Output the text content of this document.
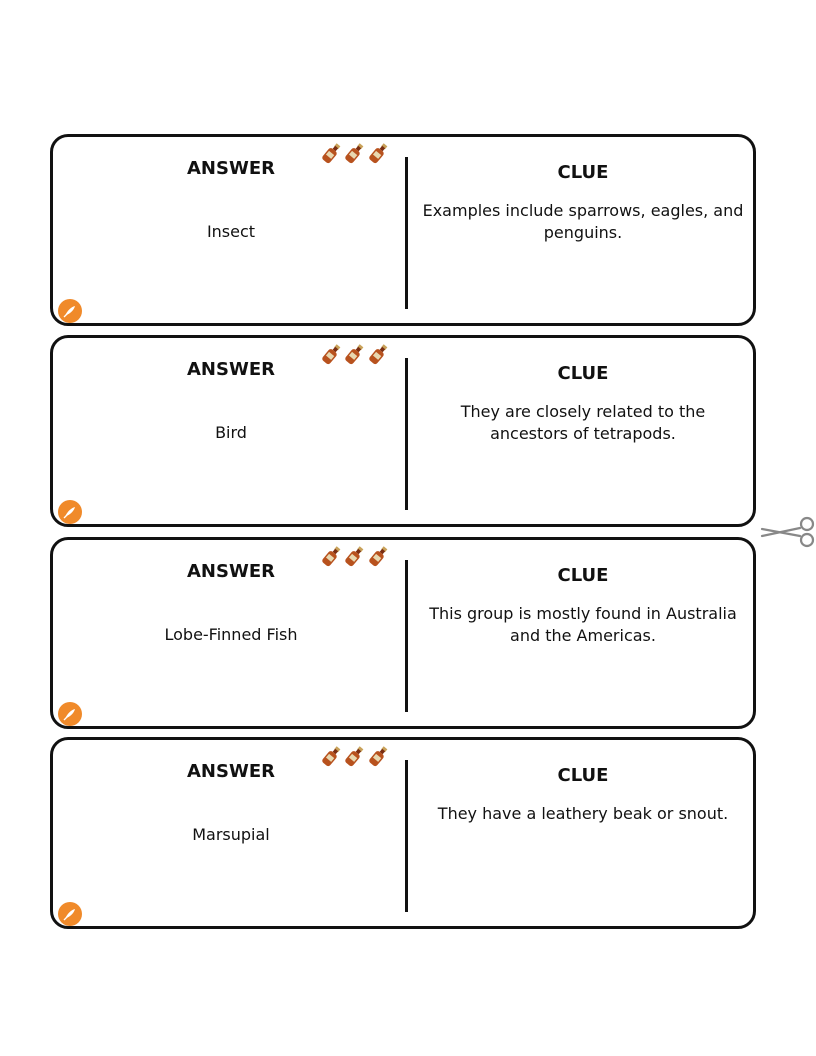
ANSWER
Insect
CLUE
Examples include sparrows, eagles, and penguins.
ANSWER
Bird
CLUE
They are closely related to the ancestors of tetrapods.
ANSWER
Lobe-Finned Fish
CLUE
This group is mostly found in Australia and the Americas.
ANSWER
Marsupial
CLUE
They have a leathery beak or snout.
